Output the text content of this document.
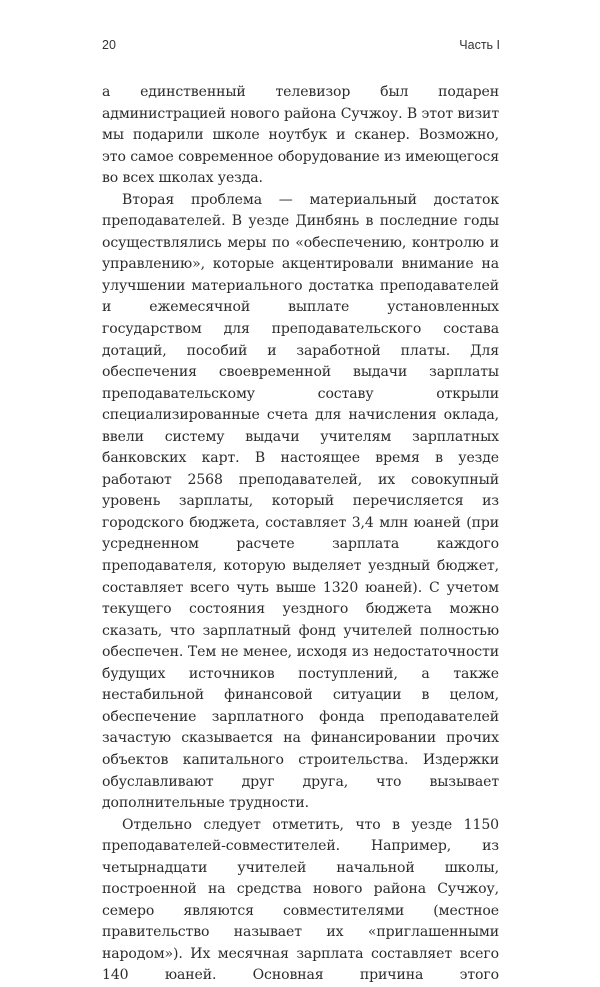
20	Часть I

а единственный телевизор был подарен администрацией нового района Сучжоу. В этот визит мы подарили школе ноутбук и сканер. Возможно, это самое современное оборудование из имеющегося во всех школах уезда.

Вторая проблема — материальный достаток преподавателей. В уезде Динбянь в последние годы осуществлялись меры по «обеспечению, контролю и управлению», которые акцентировали внимание на улучшении материального достатка преподавателей и ежемесячной выплате установленных государством для преподавательского состава дотаций, пособий и заработной платы. Для обеспечения своевременной выдачи зарплаты преподавательскому составу открыли специализированные счета для начисления оклада, ввели систему выдачи учителям зарплатных банковских карт. В настоящее время в уезде работают 2568 преподавателей, их совокупный уровень зарплаты, который перечисляется из городского бюджета, составляет 3,4 млн юаней (при усредненном расчете зарплата каждого преподавателя, которую выделяет уездный бюджет, составляет всего чуть выше 1320 юаней). С учетом текущего состояния уездного бюджета можно сказать, что зарплатный фонд учителей полностью обеспечен. Тем не менее, исходя из недостаточности будущих источников поступлений, а также нестабильной финансовой ситуации в целом, обеспечение зарплатного фонда преподавателей зачастую сказывается на финансировании прочих объектов капитального строительства. Издержки обуславливают друг друга, что вызывает дополнительные трудности.

Отдельно следует отметить, что в уезде 1150 преподавателей-совместителей. Например, из четырнадцати учителей начальной школы, построенной на средства нового района Сучжоу, семеро являются совместителями (местное правительство называет их «приглашенными народом»). Их месячная зарплата составляет всего 140 юаней. Основная причина этого
